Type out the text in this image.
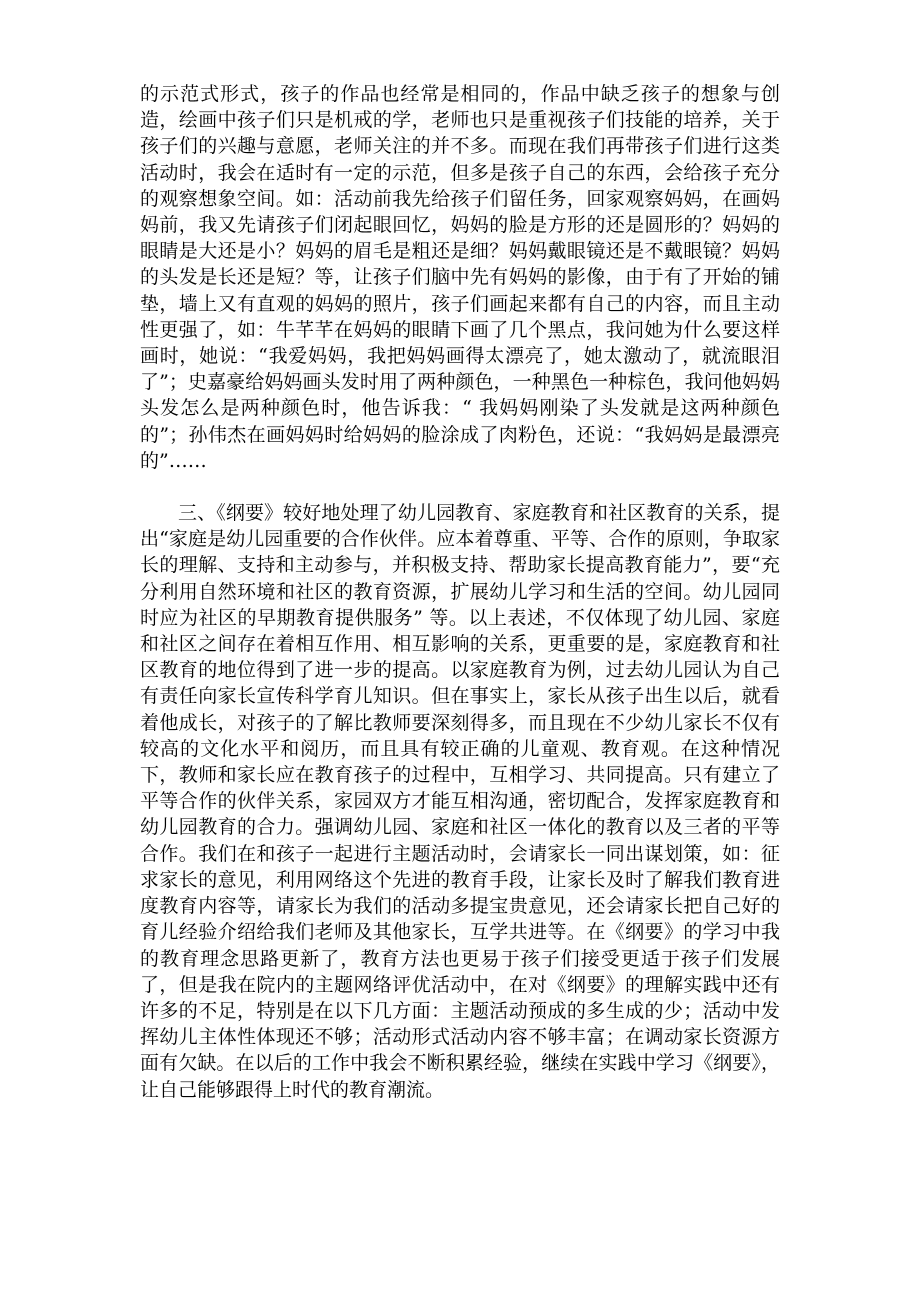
的示范式形式，孩子的作品也经常是相同的，作品中缺乏孩子的想象与创造，绘画中孩子们只是机戒的学，老师也只是重视孩子们技能的培养，关于孩子们的兴趣与意愿，老师关注的并不多。而现在我们再带孩子们进行这类活动时，我会在适时有一定的示范，但多是孩子自己的东西，会给孩子充分的观察想象空间。如：活动前我先给孩子们留任务，回家观察妈妈，在画妈妈前，我又先请孩子们闭起眼回忆，妈妈的脸是方形的还是圆形的？妈妈的眼睛是大还是小？妈妈的眉毛是粗还是细？妈妈戴眼镜还是不戴眼镜？妈妈的头发是长还是短？等，让孩子们脑中先有妈妈的影像，由于有了开始的铺垫，墙上又有直观的妈妈的照片，孩子们画起来都有自己的内容，而且主动性更强了，如：牛芊芊在妈妈的眼睛下画了几个黑点，我问她为什么要这样画时，她说：“我爱妈妈，我把妈妈画得太漂亮了，她太激动了，就流眼泪了”；史嘉豪给妈妈画头发时用了两种颜色，一种黑色一种棕色，我问他妈妈头发怎么是两种颜色时，他告诉我：“ 我妈妈刚染了头发就是这两种颜色的”；孙伟杰在画妈妈时给妈妈的脸涂成了肉粉色，还说：“我妈妈是最漂亮的”……

三、《纲要》较好地处理了幼儿园教育、家庭教育和社区教育的关系，提出“家庭是幼儿园重要的合作伙伴。应本着尊重、平等、合作的原则，争取家长的理解、支持和主动参与，并积极支持、帮助家长提高教育能力”，要“充分利用自然环境和社区的教育资源，扩展幼儿学习和生活的空间。幼儿园同时应为社区的早期教育提供服务” 等。以上表述，不仅体现了幼儿园、家庭和社区之间存在着相互作用、相互影响的关系，更重要的是，家庭教育和社区教育的地位得到了进一步的提高。以家庭教育为例，过去幼儿园认为自己有责任向家长宣传科学育儿知识。但在事实上，家长从孩子出生以后，就看着他成长，对孩子的了解比教师要深刻得多，而且现在不少幼儿家长不仅有较高的文化水平和阅历，而且具有较正确的儿童观、教育观。在这种情况下，教师和家长应在教育孩子的过程中，互相学习、共同提高。只有建立了平等合作的伙伴关系，家园双方才能互相沟通，密切配合，发挥家庭教育和幼儿园教育的合力。强调幼儿园、家庭和社区一体化的教育以及三者的平等合作。我们在和孩子一起进行主题活动时，会请家长一同出谋划策，如：征求家长的意见，利用网络这个先进的教育手段，让家长及时了解我们教育进度教育内容等，请家长为我们的活动多提宝贵意见，还会请家长把自己好的育儿经验介绍给我们老师及其他家长，互学共进等。在《纲要》的学习中我的教育理念思路更新了，教育方法也更易于孩子们接受更适于孩子们发展了，但是我在院内的主题网络评优活动中，在对《纲要》的理解实践中还有许多的不足，特别是在以下几方面：主题活动预成的多生成的少；活动中发挥幼儿主体性体现还不够；活动形式活动内容不够丰富；在调动家长资源方面有欠缺。在以后的工作中我会不断积累经验，继续在实践中学习《纲要》，让自己能够跟得上时代的教育潮流。
